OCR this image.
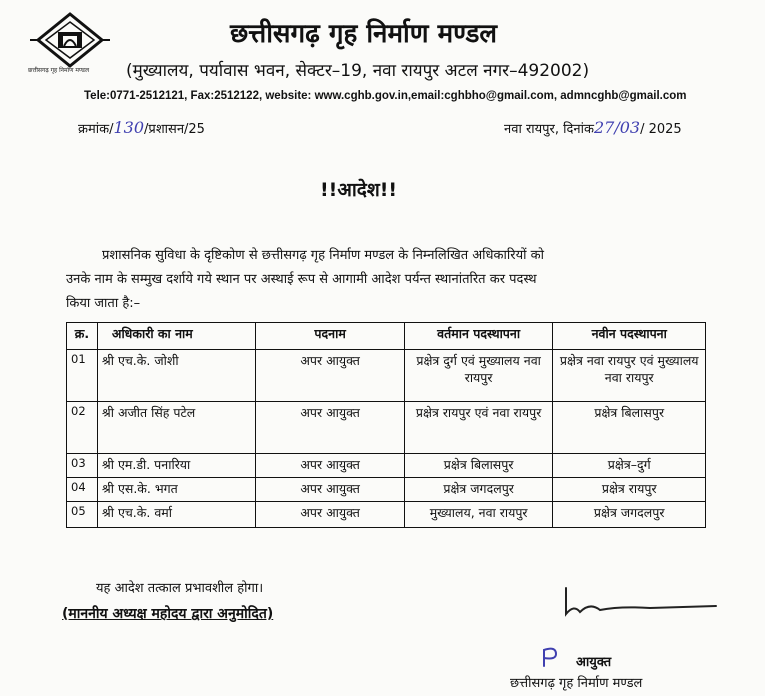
छत्तीसगढ़ गृह निर्माण मण्डल
छत्तीसगढ़ गृह निर्माण मण्डल
(मुख्यालय, पर्यावास भवन, सेक्टर–19, नवा रायपुर अटल नगर–492002)
Tele:0771-2512121, Fax:2512122, website: www.cghb.gov.in,email:cghbho@gmail.com, admncghb@gmail.com
क्रमांक/130/प्रशासन/25	नवा रायपुर, दिनांक27/03/ 2025
!!आदेश!!
प्रशासनिक सुविधा के दृष्टिकोण से छत्तीसगढ़ गृह निर्माण मण्डल के निम्नलिखित अधिकारियों को
उनके नाम के सम्मुख दर्शाये गये स्थान पर अस्थाई रूप से आगामी आदेश पर्यन्त स्थानांतरित कर पदस्थ
किया जाता है:–
क्र.	अधिकारी का नाम	पदनाम	वर्तमान पदस्थापना	नवीन पदस्थापना
01	श्री एच.के. जोशी	अपर आयुक्त	प्रक्षेत्र दुर्ग एवं मुख्यालय नवा रायपुर	प्रक्षेत्र नवा रायपुर एवं मुख्यालय नवा रायपुर
02	श्री अजीत सिंह पटेल	अपर आयुक्त	प्रक्षेत्र रायपुर एवं नवा रायपुर	प्रक्षेत्र बिलासपुर
03	श्री एम.डी. पनारिया	अपर आयुक्त	प्रक्षेत्र बिलासपुर	प्रक्षेत्र–दुर्ग
04	श्री एस.के. भगत	अपर आयुक्त	प्रक्षेत्र जगदलपुर	प्रक्षेत्र रायपुर
05	श्री एच.के. वर्मा	अपर आयुक्त	मुख्यालय, नवा रायपुर	प्रक्षेत्र जगदलपुर
यह आदेश तत्काल प्रभावशील होगा।
(माननीय अध्यक्ष महोदय द्वारा अनुमोदित)
आयुक्त
छत्तीसगढ़ गृह निर्माण मण्डल
